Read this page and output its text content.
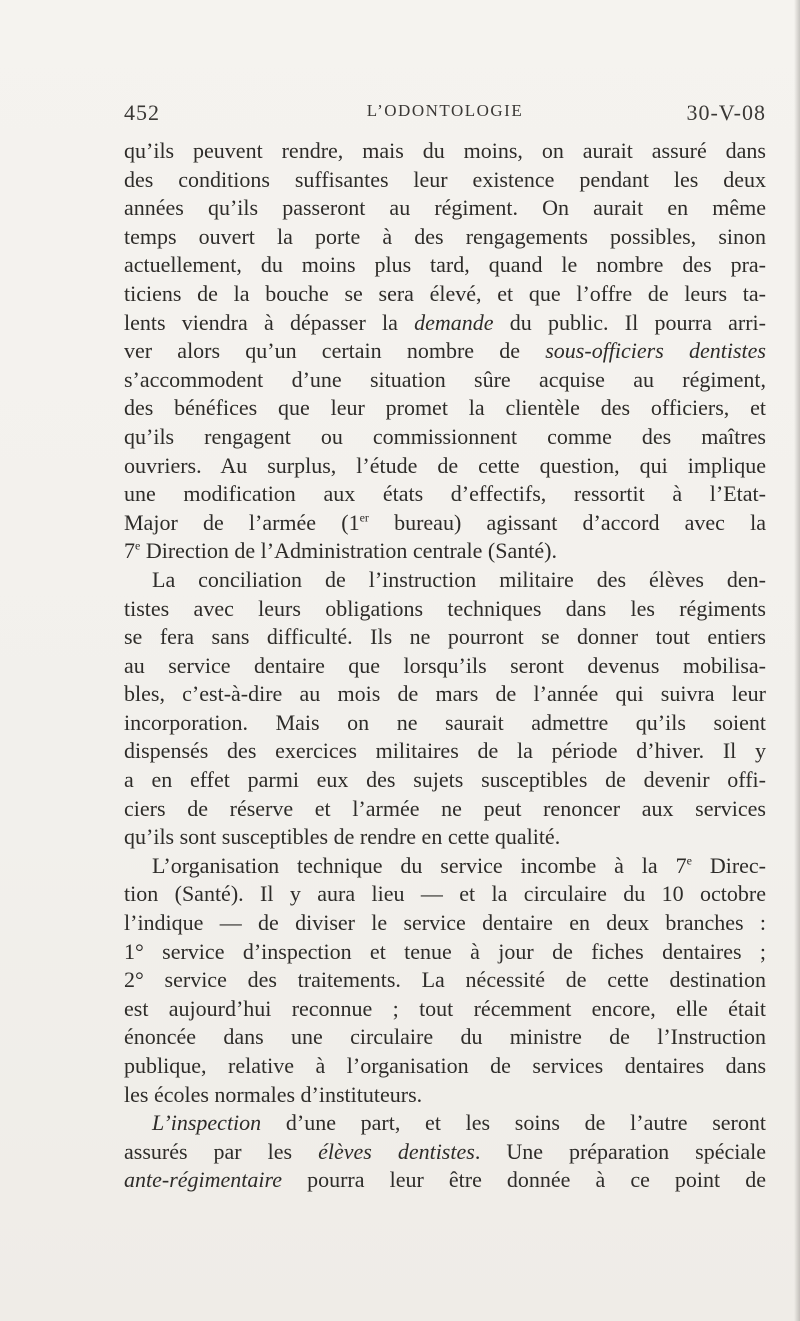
452	L’ODONTOLOGIE	30-V-08
qu’ils peuvent rendre, mais du moins, on aurait assuré dans
des conditions suffisantes leur existence pendant les deux
années qu’ils passeront au régiment. On aurait en même
temps ouvert la porte à des rengagements possibles, sinon
actuellement, du moins plus tard, quand le nombre des pra-
ticiens de la bouche se sera élevé, et que l’offre de leurs ta-
lents viendra à dépasser la demande du public. Il pourra arri-
ver alors qu’un certain nombre de sous-officiers dentistes
s’accommodent d’une situation sûre acquise au régiment,
des bénéfices que leur promet la clientèle des officiers, et
qu’ils rengagent ou commissionnent comme des maîtres
ouvriers. Au surplus, l’étude de cette question, qui implique
une modification aux états d’effectifs, ressortit à l’Etat-
Major de l’armée (1er bureau) agissant d’accord avec la
7e Direction de l’Administration centrale (Santé).
La conciliation de l’instruction militaire des élèves den-
tistes avec leurs obligations techniques dans les régiments
se fera sans difficulté. Ils ne pourront se donner tout entiers
au service dentaire que lorsqu’ils seront devenus mobilisa-
bles, c’est-à-dire au mois de mars de l’année qui suivra leur
incorporation. Mais on ne saurait admettre qu’ils soient
dispensés des exercices militaires de la période d’hiver. Il y
a en effet parmi eux des sujets susceptibles de devenir offi-
ciers de réserve et l’armée ne peut renoncer aux services
qu’ils sont susceptibles de rendre en cette qualité.
L’organisation technique du service incombe à la 7e Direc-
tion (Santé). Il y aura lieu — et la circulaire du 10 octobre
l’indique — de diviser le service dentaire en deux branches :
1° service d’inspection et tenue à jour de fiches dentaires ;
2° service des traitements. La nécessité de cette destination
est aujourd’hui reconnue ; tout récemment encore, elle était
énoncée dans une circulaire du ministre de l’Instruction
publique, relative à l’organisation de services dentaires dans
les écoles normales d’instituteurs.
L’inspection d’une part, et les soins de l’autre seront
assurés par les élèves dentistes. Une préparation spéciale
ante-régimentaire pourra leur être donnée à ce point de
